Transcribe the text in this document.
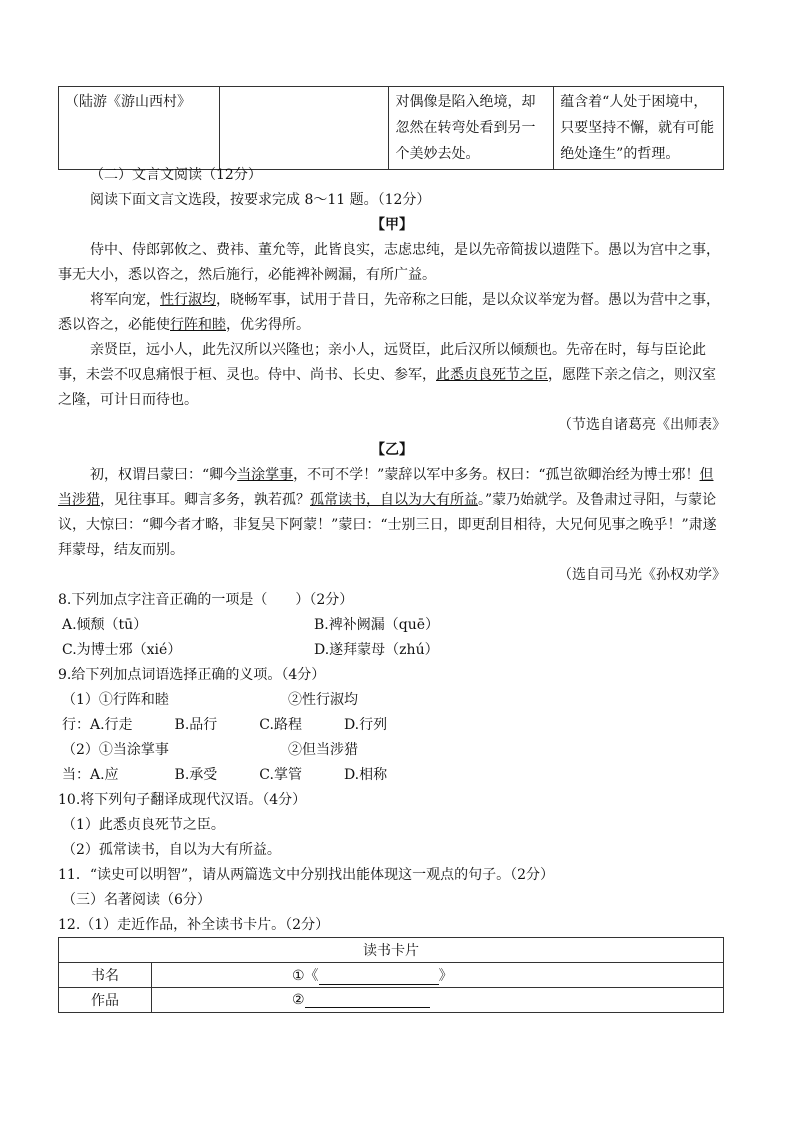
（陆游《游山西村》		对偶像是陷入绝境，却忽然在转弯处看到另一个美妙去处。	蕴含着“人处于困境中，只要坚持不懈，就有可能绝处逢生”的哲理。
（二）文言文阅读（12分）
阅读下面文言文选段，按要求完成 8～11 题。（12分）
【甲】
侍中、侍郎郭攸之、费祎、董允等，此皆良实，志虑忠纯，是以先帝简拔以遗陛下。愚以为宫中之事，事无大小，悉以咨之，然后施行，必能裨补阙漏，有所广益。
将军向宠，性行淑均，晓畅军事，试用于昔日，先帝称之曰能，是以众议举宠为督。愚以为营中之事，悉以咨之，必能使行阵和睦，优劣得所。
亲贤臣，远小人，此先汉所以兴隆也；亲小人，远贤臣，此后汉所以倾颓也。先帝在时，每与臣论此事，未尝不叹息痛恨于桓、灵也。侍中、尚书、长史、参军，此悉贞良死节之臣，愿陛下亲之信之，则汉室之隆，可计日而待也。
（节选自诸葛亮《出师表》
【乙】
初，权谓吕蒙曰：“卿今当涂掌事，不可不学！”蒙辞以军中多务。权曰：“孤岂欲卿治经为博士邪！但当涉猎，见往事耳。卿言多务，孰若孤？孤常读书，自以为大有所益。”蒙乃始就学。及鲁肃过寻阳，与蒙论议，大惊曰：“卿今者才略，非复吴下阿蒙！”蒙曰：“士别三日，即更刮目相待，大兄何见事之晚乎！”肃遂拜蒙母，结友而别。
（选自司马光《孙权劝学》
8.下列加点字注音正确的一项是（　　）（2分）
A.倾颓（tū）	B.裨补阙漏（quē）
C.为博士邪（xié）	D.遂拜蒙母（zhú）
9.给下列加点词语选择正确的义项。（4分）
（1）①行阵和睦	②性行淑均
行：A.行走　　　B.品行　　　C.路程　　　D.行列
（2）①当涂掌事	②但当涉猎
当：A.应　　　　B.承受　　　C.掌管　　　D.相称
10.将下列句子翻译成现代汉语。（4分）
（1）此悉贞良死节之臣。
（2）孤常读书，自以为大有所益。
11．“读史可以明智”，请从两篇选文中分别找出能体现这一观点的句子。（2分）
（三）名著阅读（6分）
12.（1）走近作品，补全读书卡片。（2分）
读书卡片	
书名	①《 》
作品	②
